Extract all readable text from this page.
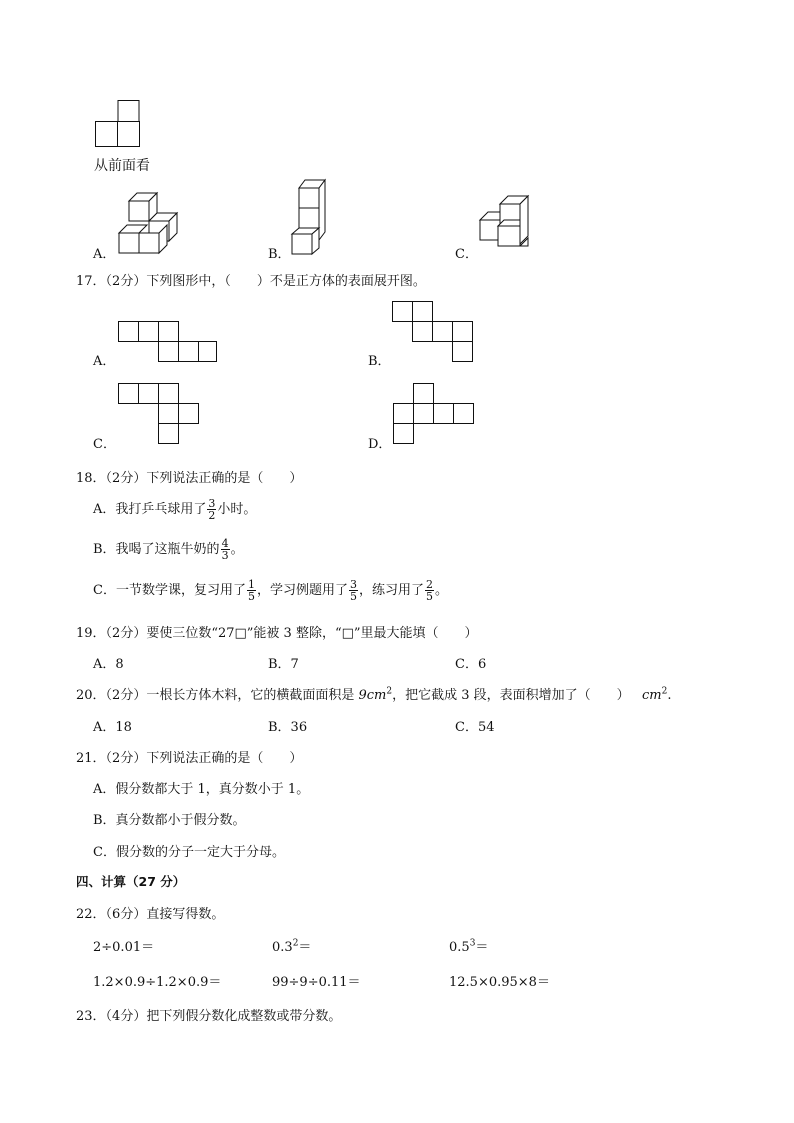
从前面看
A．	B．	C．
17．（2分）下列图形中，（　　）不是正方体的表面展开图。
A．	B．
C．	D．
18．（2分）下列说法正确的是（　　）
A．我打乒乓球用了 $\frac{3}{2}$ 小时。
B．我喝了这瓶牛奶的 $\frac{4}{3}$ 。
C．一节数学课，复习用了 $\frac{1}{5}$ ，学习例题用了 $\frac{3}{5}$ ，练习用了 $\frac{2}{5}$ 。
19．（2分）要使三位数“27□”能被 3 整除，“□”里最大能填（　　）
A．8	B．7	C．6
20．（2分）一根长方体木料，它的横截面面积是 $9cm^2$，把它截成 3 段，表面积增加了（　　） $cm^2$.
A．18	B．36	C．54
21．（2分）下列说法正确的是（　　）
A．假分数都大于 1，真分数小于 1。
B．真分数都小于假分数。
C．假分数的分子一定大于分母。
四、计算（27 分）
22．（6分）直接写得数。
2÷0.01＝	$0.3^2=$	$0.5^3=$
1.2×0.9÷1.2×0.9＝	99÷9÷0.11＝	12.5×0.95×8＝
23．（4分）把下列假分数化成整数或带分数。
